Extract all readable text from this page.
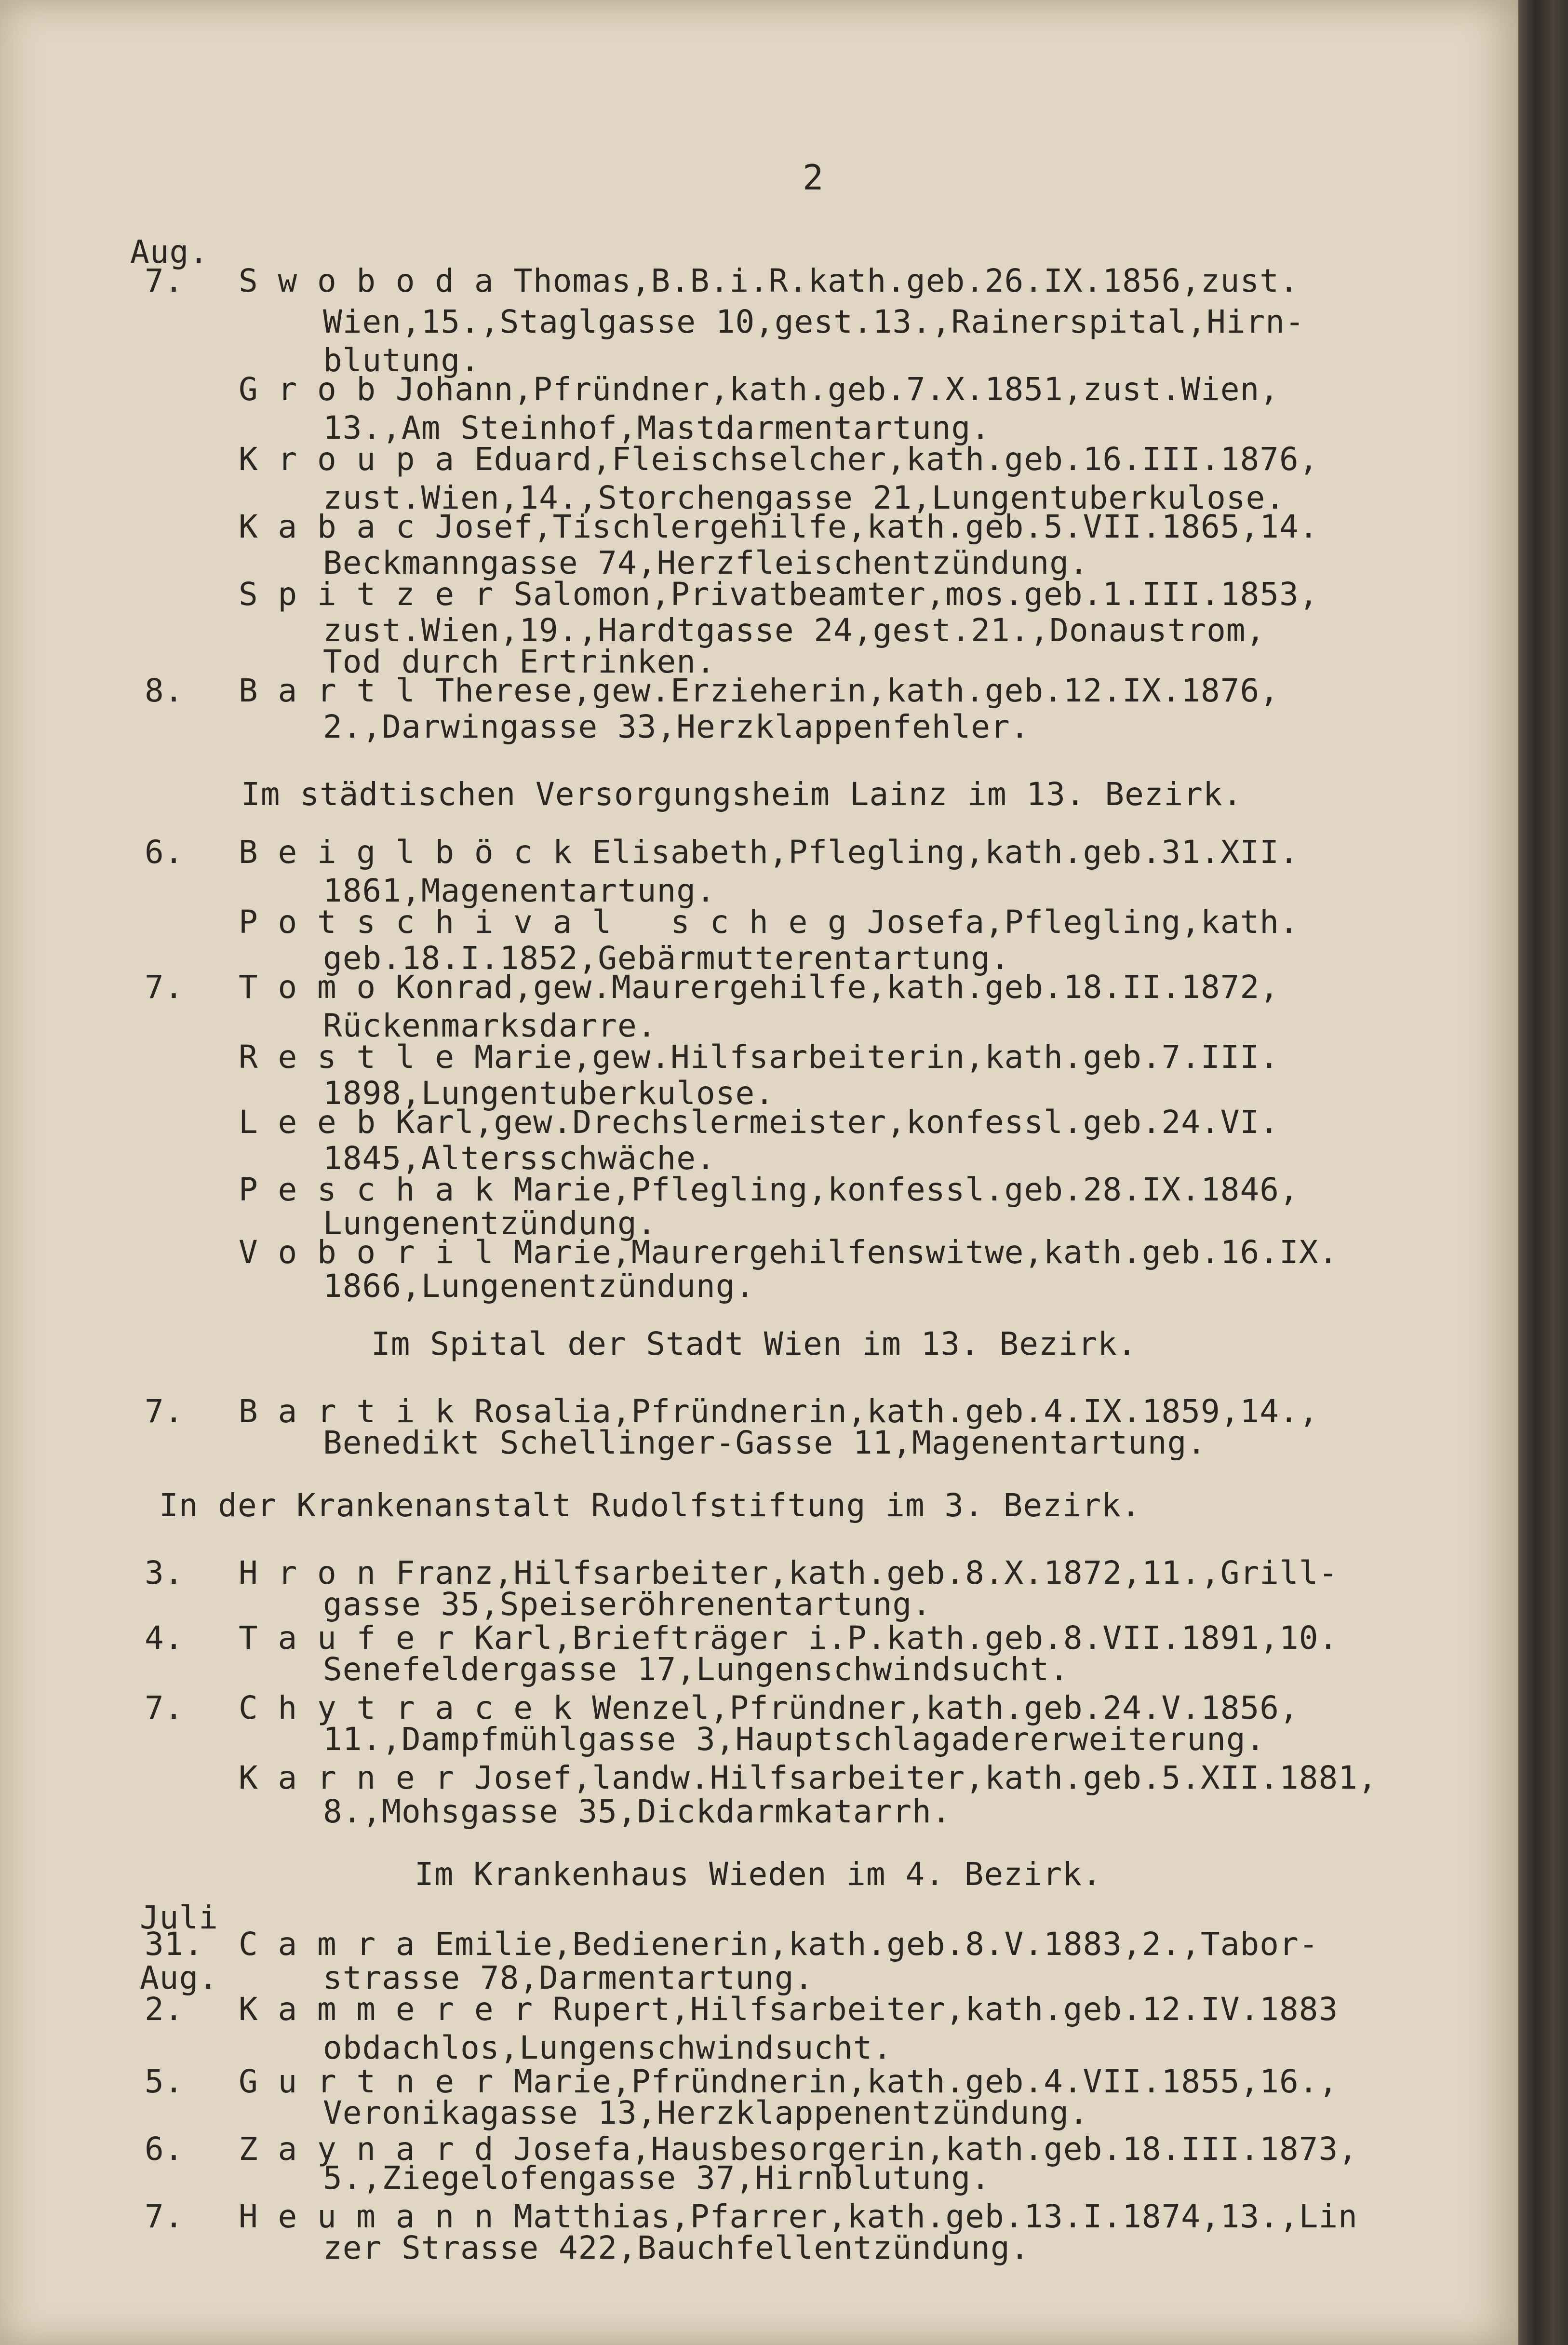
2
Aug.
7. S w o b o d a Thomas,B.B.i.R.kath.geb.26.IX.1856,zust.
Wien,15.,Staglgasse 10,gest.13.,Rainerspital,Hirn-
blutung.
G r o b Johann,Pfründner,kath.geb.7.X.1851,zust.Wien,
13.,Am Steinhof,Mastdarmentartung.
K r o u p a Eduard,Fleischselcher,kath.geb.16.III.1876,
zust.Wien,14.,Storchengasse 21,Lungentuberkulose.
K a b a c Josef,Tischlergehilfe,kath.geb.5.VII.1865,14.
Beckmanngasse 74,Herzfleischentzündung.
S p i t z e r Salomon,Privatbeamter,mos.geb.1.III.1853,
zust.Wien,19.,Hardtgasse 24,gest.21.,Donaustrom,
Tod durch Ertrinken.
8. B a r t l Therese,gew.Erzieherin,kath.geb.12.IX.1876,
2.,Darwingasse 33,Herzklappenfehler.
Im städtischen Versorgungsheim Lainz im 13. Bezirk.
6. B e i g l b ö c k Elisabeth,Pflegling,kath.geb.31.XII.
1861,Magenentartung.
P o t s c h i v a l   s c h e g Josefa,Pflegling,kath.
geb.18.I.1852,Gebärmutterentartung.
7. T o m o Konrad,gew.Maurergehilfe,kath.geb.18.II.1872,
Rückenmarksdarre.
R e s t l e Marie,gew.Hilfsarbeiterin,kath.geb.7.III.
1898,Lungentuberkulose.
L e e b Karl,gew.Drechslermeister,konfessl.geb.24.VI.
1845,Altersschwäche.
P e s c h a k Marie,Pflegling,konfessl.geb.28.IX.1846,
Lungenentzündung.
V o b o r i l Marie,Maurergehilfenswitwe,kath.geb.16.IX.
1866,Lungenentzündung.
Im Spital der Stadt Wien im 13. Bezirk.
7. B a r t i k Rosalia,Pfründnerin,kath.geb.4.IX.1859,14.,
Benedikt Schellinger-Gasse 11,Magenentartung.
In der Krankenanstalt Rudolfstiftung im 3. Bezirk.
3. H r o n Franz,Hilfsarbeiter,kath.geb.8.X.1872,11.,Grill-
gasse 35,Speiseröhrenentartung.
4. T a u f e r Karl,Briefträger i.P.kath.geb.8.VII.1891,10.
Senefeldergasse 17,Lungenschwindsucht.
7. C h y t r a c e k Wenzel,Pfründner,kath.geb.24.V.1856,
11.,Dampfmühlgasse 3,Hauptschlagadererweiterung.
K a r n e r Josef,landw.Hilfsarbeiter,kath.geb.5.XII.1881,
8.,Mohsgasse 35,Dickdarmkatarrh.
Im Krankenhaus Wieden im 4. Bezirk.
Juli
31. C a m r a Emilie,Bedienerin,kath.geb.8.V.1883,2.,Tabor-
Aug.	strasse 78,Darmentartung.
2. K a m m e r e r Rupert,Hilfsarbeiter,kath.geb.12.IV.1883
obdachlos,Lungenschwindsucht.
5. G u r t n e r Marie,Pfründnerin,kath.geb.4.VII.1855,16.,
Veronikagasse 13,Herzklappenentzündung.
6. Z a y n a r d Josefa,Hausbesorgerin,kath.geb.18.III.1873,
5.,Ziegelofengasse 37,Hirnblutung.
7. H e u m a n n Matthias,Pfarrer,kath.geb.13.I.1874,13.,Lin
zer Strasse 422,Bauchfellentzündung.
